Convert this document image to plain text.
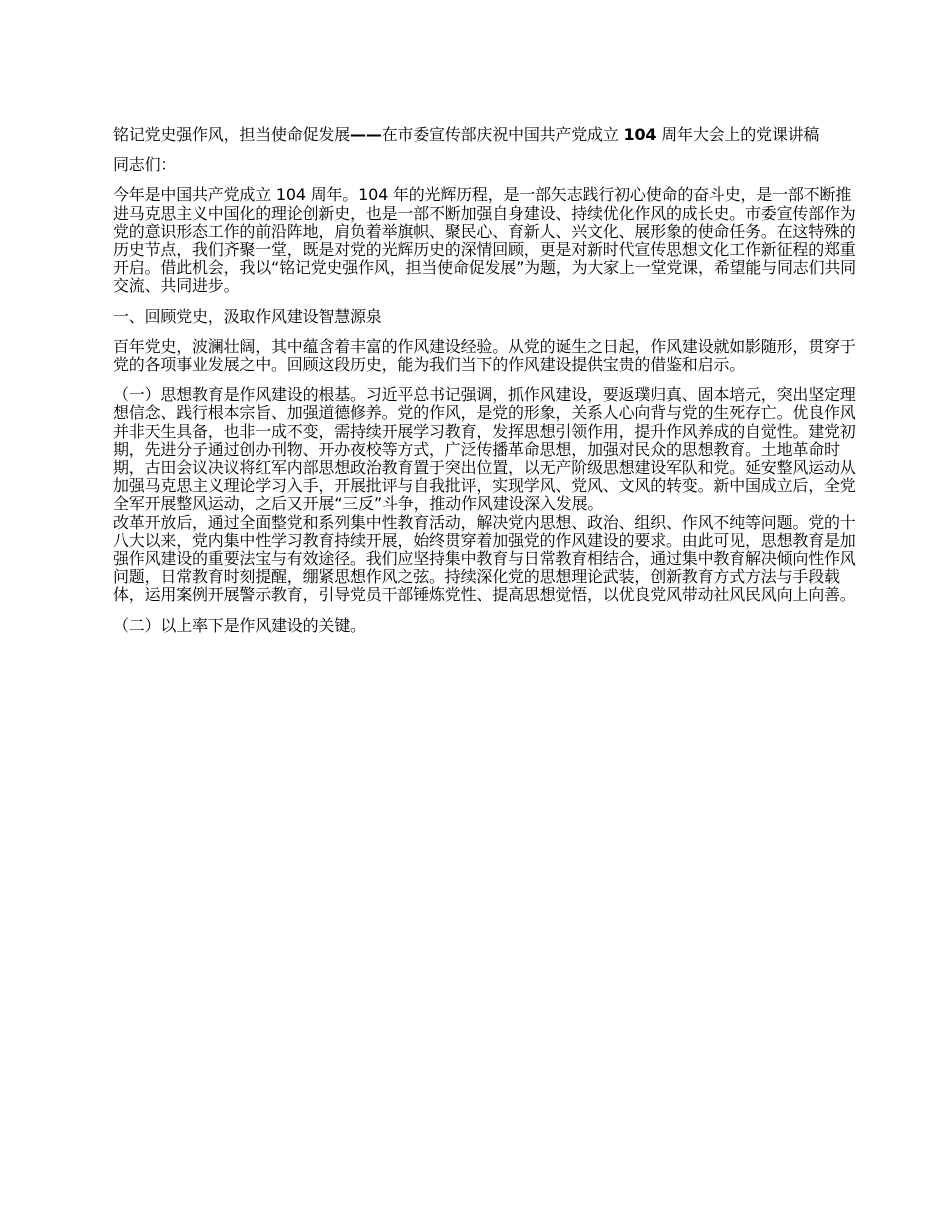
铭记党史强作风，担当使命促发展——在市委宣传部庆祝中国共产党成立 104 周年大会上的党课讲稿

同志们：

今年是中国共产党成立 104 周年。104 年的光辉历程，是一部矢志践行初心使命的奋斗史，是一部不断推进马克思主义中国化的理论创新史，也是一部不断加强自身建设、持续优化作风的成长史。市委宣传部作为党的意识形态工作的前沿阵地，肩负着举旗帜、聚民心、育新人、兴文化、展形象的使命任务。在这特殊的历史节点，我们齐聚一堂，既是对党的光辉历史的深情回顾，更是对新时代宣传思想文化工作新征程的郑重开启。借此机会，我以“铭记党史强作风，担当使命促发展”为题，为大家上一堂党课，希望能与同志们共同交流、共同进步。

一、回顾党史，汲取作风建设智慧源泉

百年党史，波澜壮阔，其中蕴含着丰富的作风建设经验。从党的诞生之日起，作风建设就如影随形，贯穿于党的各项事业发展之中。回顾这段历史，能为我们当下的作风建设提供宝贵的借鉴和启示。

（一）思想教育是作风建设的根基。习近平总书记强调，抓作风建设，要返璞归真、固本培元，突出坚定理想信念、践行根本宗旨、加强道德修养。党的作风，是党的形象，关系人心向背与党的生死存亡。优良作风并非天生具备，也非一成不变，需持续开展学习教育，发挥思想引领作用，提升作风养成的自觉性。建党初期，先进分子通过创办刊物、开办夜校等方式，广泛传播革命思想，加强对民众的思想教育。土地革命时期，古田会议决议将红军内部思想政治教育置于突出位置，以无产阶级思想建设军队和党。延安整风运动从加强马克思主义理论学习入手，开展批评与自我批评，实现学风、党风、文风的转变。新中国成立后，全党全军开展整风运动，之后又开展“三反”斗争，推动作风建设深入发展。
改革开放后，通过全面整党和系列集中性教育活动，解决党内思想、政治、组织、作风不纯等问题。党的十八大以来，党内集中性学习教育持续开展，始终贯穿着加强党的作风建设的要求。由此可见，思想教育是加强作风建设的重要法宝与有效途径。我们应坚持集中教育与日常教育相结合，通过集中教育解决倾向性作风问题，日常教育时刻提醒，绷紧思想作风之弦。持续深化党的思想理论武装，创新教育方式方法与手段载体，运用案例开展警示教育，引导党员干部锤炼党性、提高思想觉悟，以优良党风带动社风民风向上向善。

（二）以上率下是作风建设的关键。
